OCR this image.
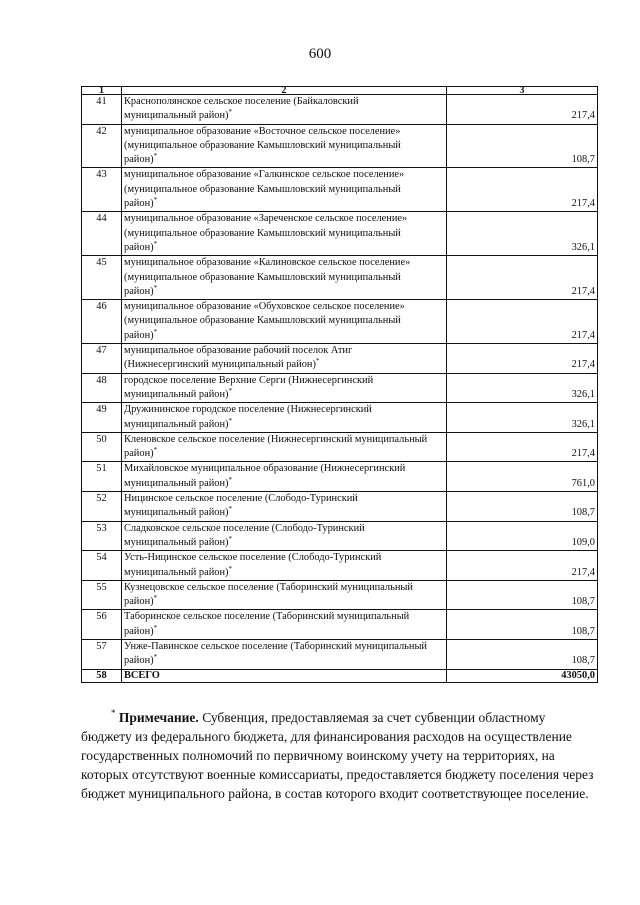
600
1	2	3
41	Краснополянское сельское поселение (Байкаловский
муниципальный район)*	217,4
42	муниципальное образование «Восточное сельское поселение»
(муниципальное образование Камышловский муниципальный
район)*	108,7
43	муниципальное образование «Галкинское сельское поселение»
(муниципальное образование Камышловский муниципальный
район)*	217,4
44	муниципальное образование «Зареченское сельское поселение»
(муниципальное образование Камышловский муниципальный
район)*	326,1
45	муниципальное образование «Калиновское сельское поселение»
(муниципальное образование Камышловский муниципальный
район)*	217,4
46	муниципальное образование «Обуховское сельское поселение»
(муниципальное образование Камышловский муниципальный
район)*	217,4
47	муниципальное образование рабочий поселок Атиг
(Нижнесергинский муниципальный район)*	217,4
48	городское поселение Верхние Серги (Нижнесергинский
муниципальный район)*	326,1
49	Дружининское городское поселение (Нижнесергинский
муниципальный район)*	326,1
50	Кленовское сельское поселение (Нижнесергинский муниципальный
район)*	217,4
51	Михайловское муниципальное образование (Нижнесергинский
муниципальный район)*	761,0
52	Ницинское сельское поселение (Слободо-Туринский
муниципальный район)*	108,7
53	Сладковское сельское поселение (Слободо-Туринский
муниципальный район)*	109,0
54	Усть-Ницинское сельское поселение (Слободо-Туринский
муниципальный район)*	217,4
55	Кузнецовское сельское поселение (Таборинский муниципальный
район)*	108,7
56	Таборинское сельское поселение (Таборинский муниципальный
район)*	108,7
57	Унже-Павинское сельское поселение (Таборинский муниципальный
район)*	108,7
58	ВСЕГО	43050,0
* Примечание. Субвенция, предоставляемая за счет субвенции областному бюджету из федерального бюджета, для финансирования расходов на осуществление государственных полномочий по первичному воинскому учету на территориях, на которых отсутствуют военные комиссариаты, предоставляется бюджету поселения через бюджет муниципального района, в состав которого входит соответствующее поселение.
